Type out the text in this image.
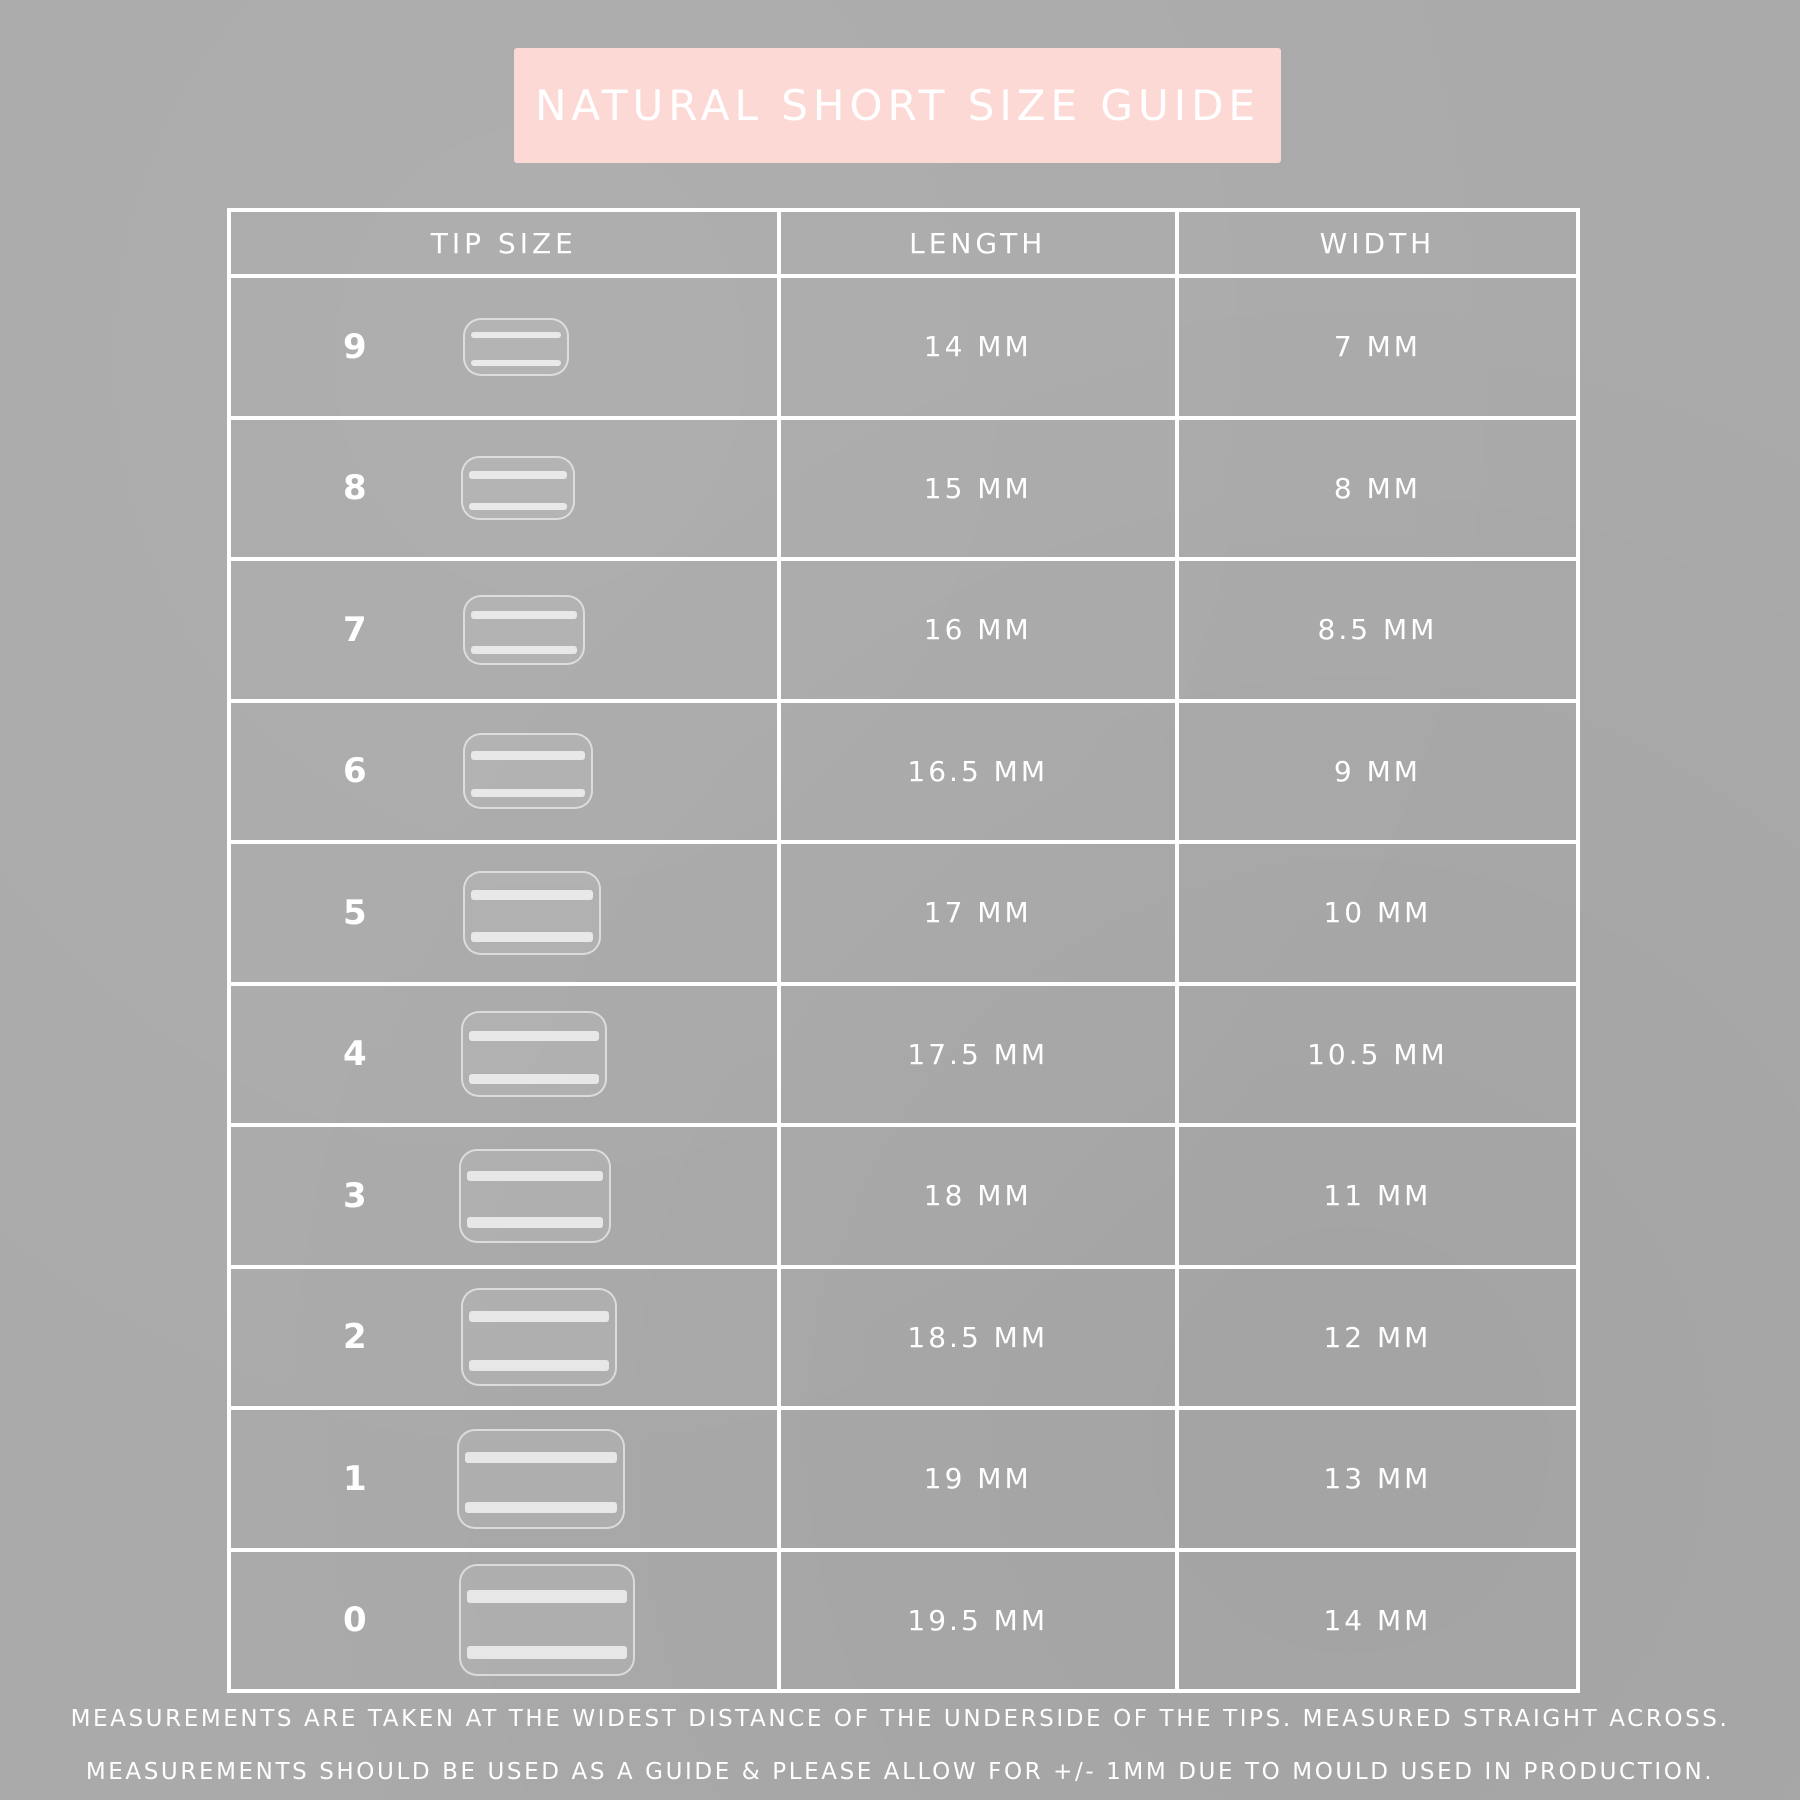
NATURAL SHORT SIZE GUIDE
TIP SIZE	LENGTH	WIDTH

9	14 MM	7 MM

8	15 MM	8 MM

7	16 MM	8.5 MM

6	16.5 MM	9 MM

5	17 MM	10 MM

4	17.5 MM	10.5 MM

3	18 MM	11 MM

2	18.5 MM	12 MM

1	19 MM	13 MM

0	19.5 MM	14 MM
MEASUREMENTS ARE TAKEN AT THE WIDEST DISTANCE OF THE UNDERSIDE OF THE TIPS. MEASURED STRAIGHT ACROSS.
MEASUREMENTS SHOULD BE USED AS A GUIDE & PLEASE ALLOW FOR +/- 1MM DUE TO MOULD USED IN PRODUCTION.
